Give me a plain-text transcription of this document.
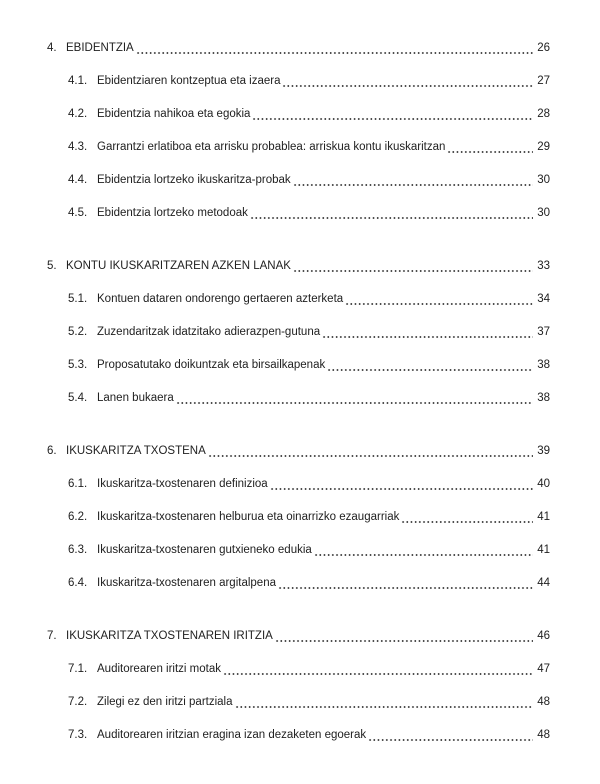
4. EBIDENTZIA	26
4.1. Ebidentziaren kontzeptua eta izaera	27
4.2. Ebidentzia nahikoa eta egokia	28
4.3. Garrantzi erlatiboa eta arrisku probablea: arriskua kontu ikuskaritzan	29
4.4. Ebidentzia lortzeko ikuskaritza-probak	30
4.5. Ebidentzia lortzeko metodoak	30
5. KONTU IKUSKARITZAREN AZKEN LANAK	33
5.1. Kontuen dataren ondorengo gertaeren azterketa	34
5.2. Zuzendaritzak idatzitako adierazpen-gutuna	37
5.3. Proposatutako doikuntzak eta birsailkapenak	38
5.4. Lanen bukaera	38
6. IKUSKARITZA TXOSTENA	39
6.1. Ikuskaritza-txostenaren definizioa	40
6.2. Ikuskaritza-txostenaren helburua eta oinarrizko ezaugarriak	41
6.3. Ikuskaritza-txostenaren gutxieneko edukia	41
6.4. Ikuskaritza-txostenaren argitalpena	44
7. IKUSKARITZA TXOSTENAREN IRITZIA	46
7.1. Auditorearen iritzi motak	47
7.2. Zilegi ez den iritzi partziala	48
7.3. Auditorearen iritzian eragina izan dezaketen egoerak	48
